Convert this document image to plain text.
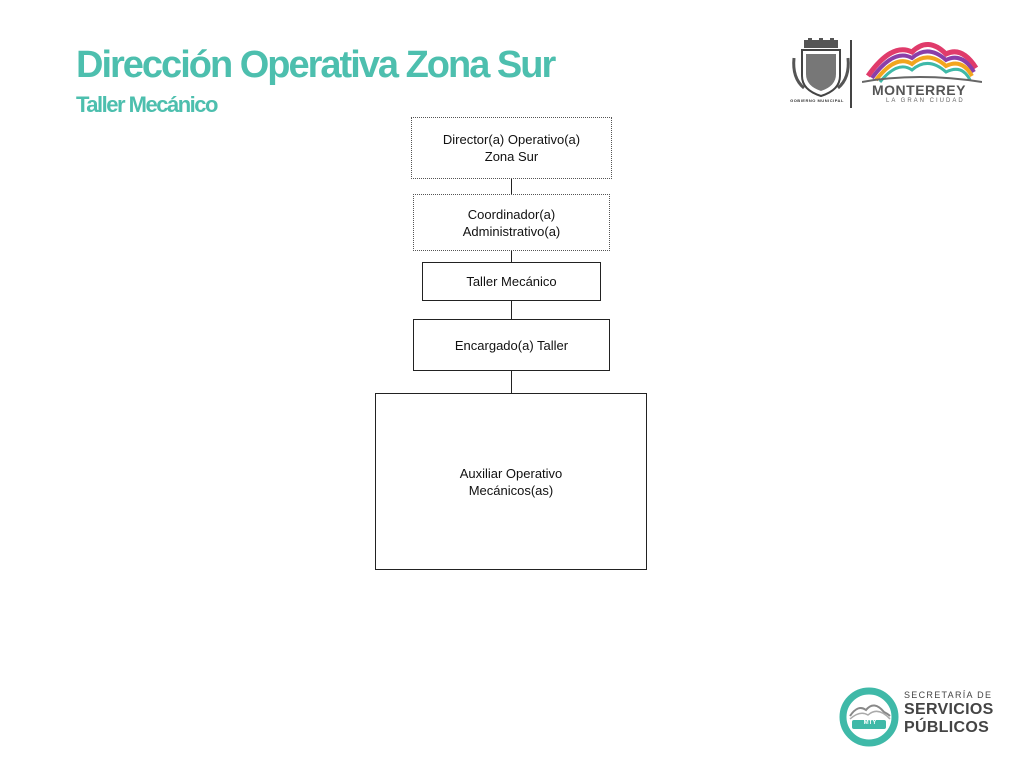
Dirección Operativa Zona Sur
Taller Mecánico	GOBIERNO MUNICIPAL
MONTERREY
LA GRAN CIUDAD
Director(a) Operativo(a)
Zona Sur
Coordinador(a)
Administrativo(a)
Taller Mecánico
Encargado(a) Taller
Auxiliar Operativo
Mecánicos(as)
MTY
SECRETARÍA DE
SERVICIOS
PÚBLICOS
